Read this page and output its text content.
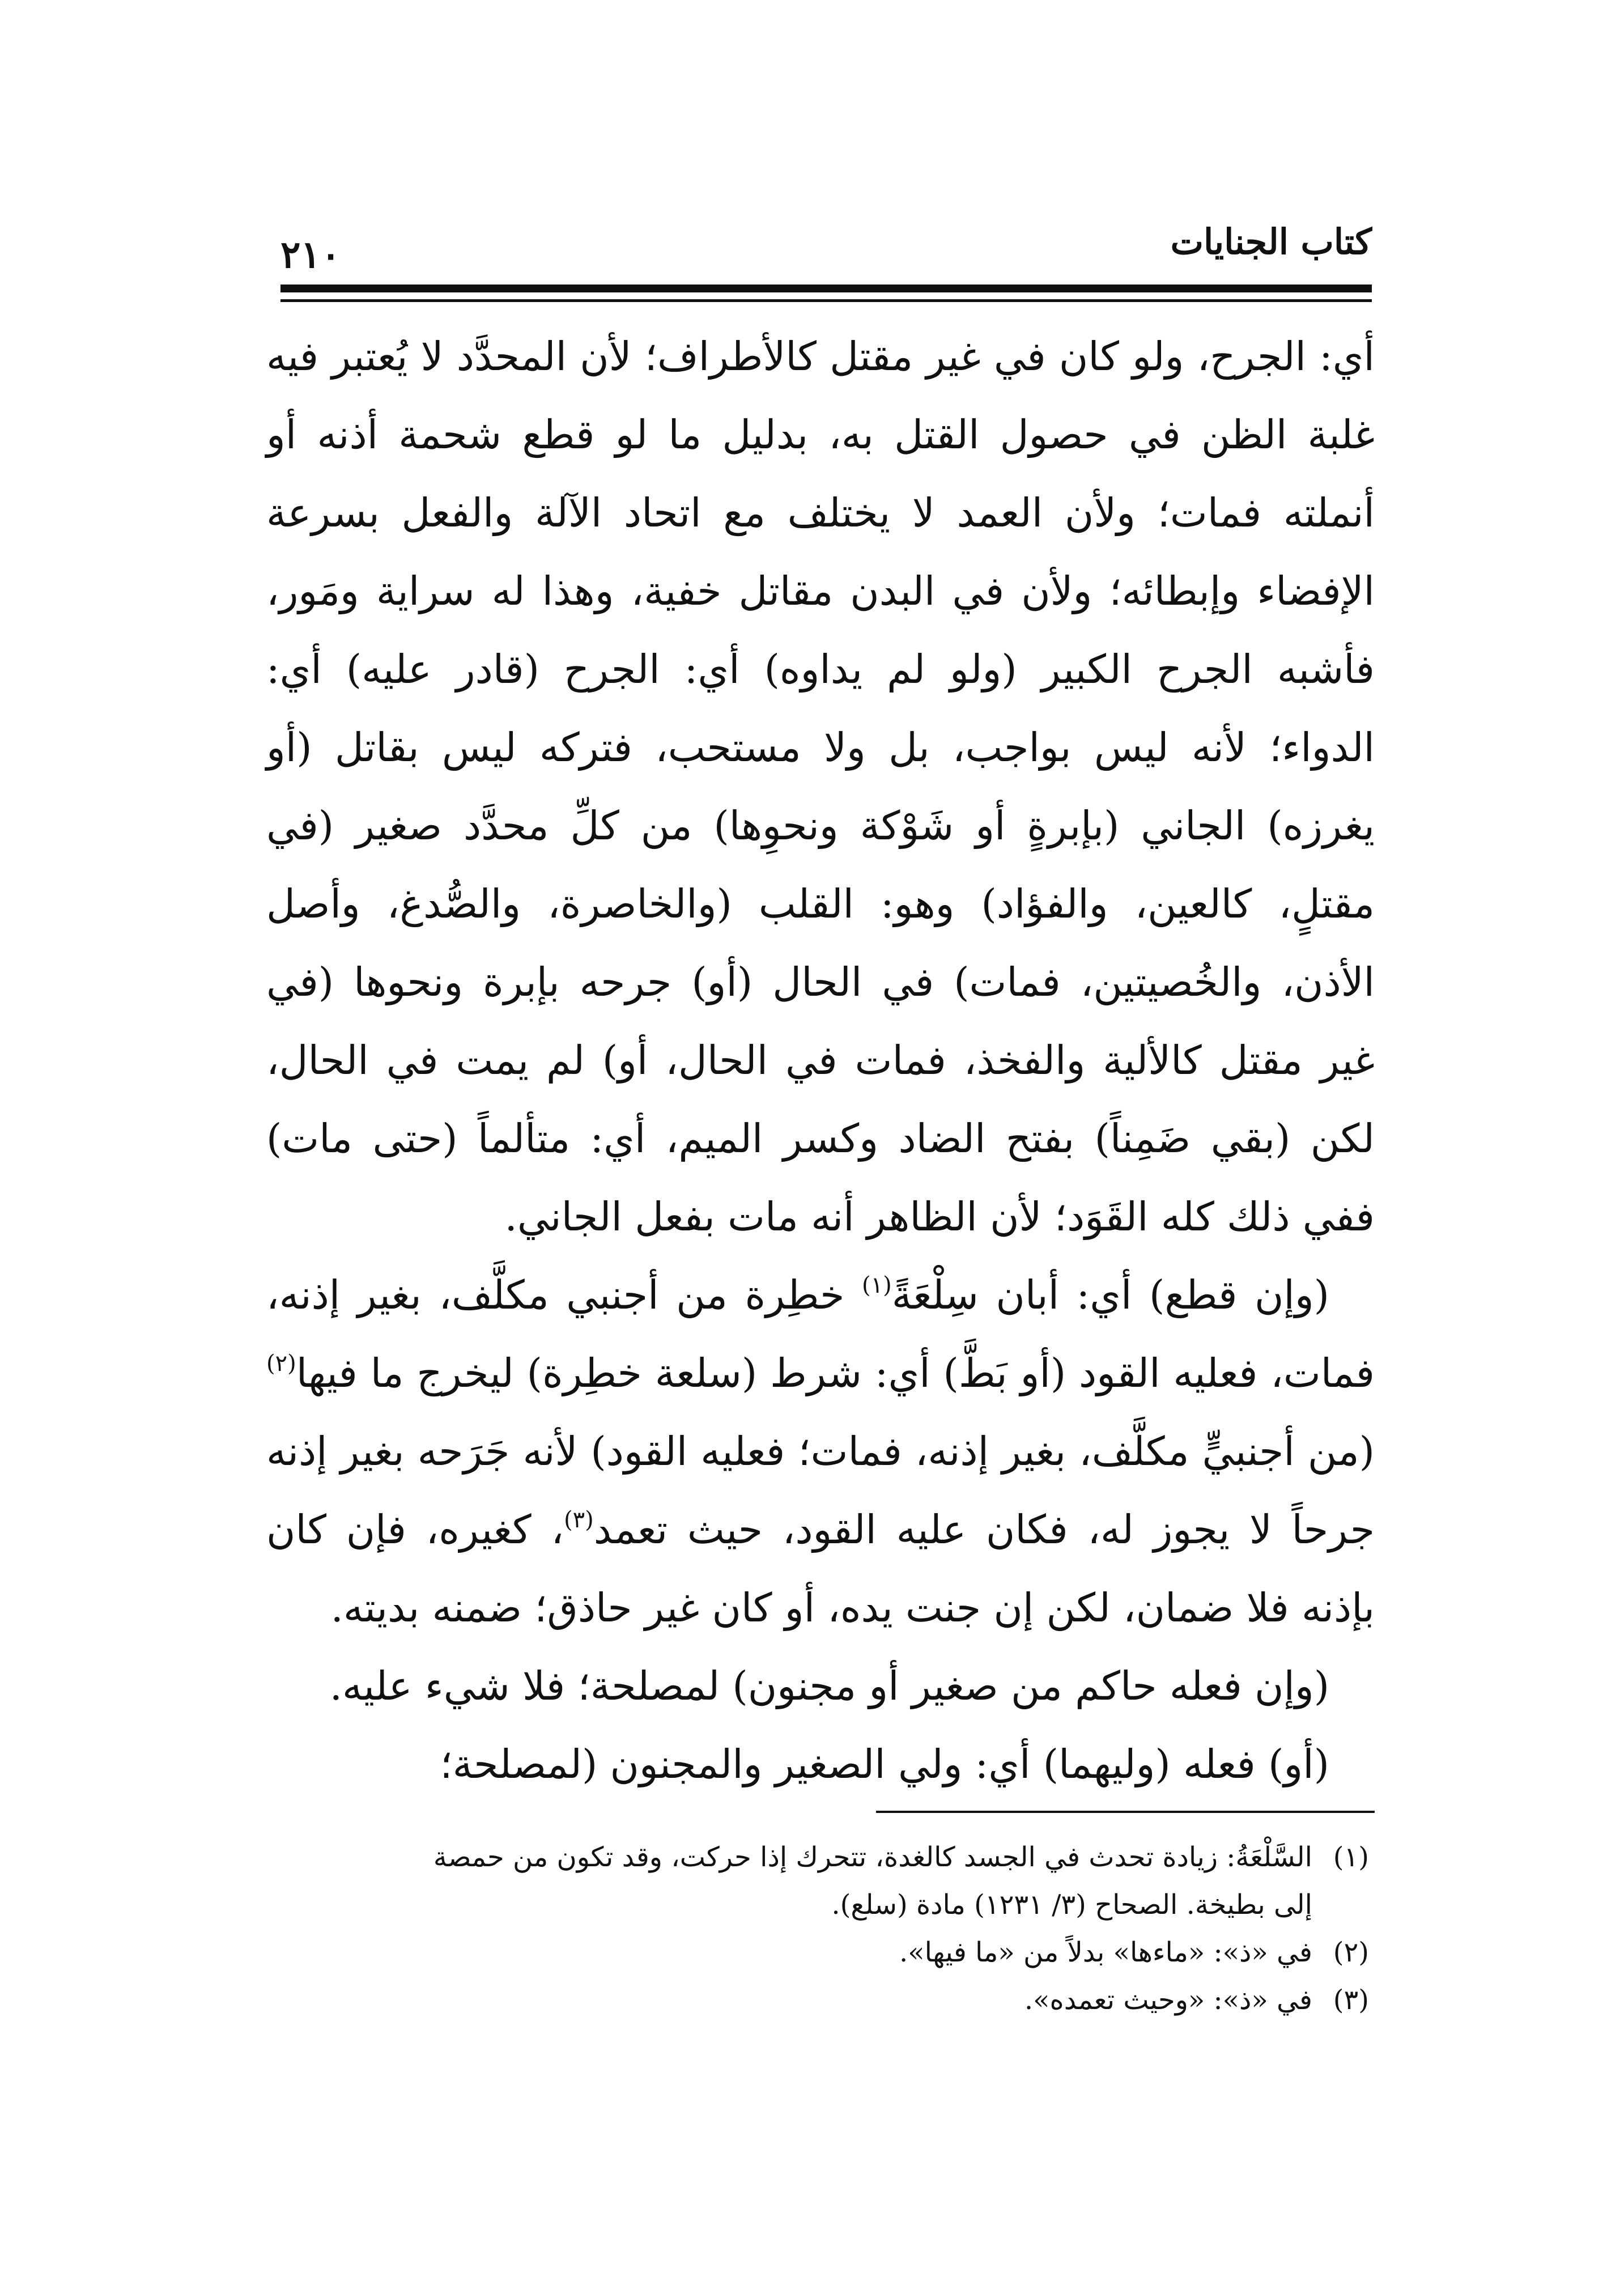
كتاب الجنايات
٢١٠

أي: الجرح، ولو كان في غير مقتل كالأطراف؛ لأن المحدَّد لا يُعتبر فيه غلبة الظن في حصول القتل به، بدليل ما لو قطع شحمة أذنه أو أنملته فمات؛ ولأن العمد لا يختلف مع اتحاد الآلة والفعل بسرعة الإفضاء وإبطائه؛ ولأن في البدن مقاتل خفية، وهذا له سراية ومَور، فأشبه الجرح الكبير (ولو لم يداوه) أي: الجرح (قادر عليه) أي: الدواء؛ لأنه ليس بواجب، بل ولا مستحب، فتركه ليس بقاتل (أو يغرزه) الجاني (بإبرةٍ أو شَوْكة ونحوِها) من كلِّ محدَّد صغير (في مقتلٍ، كالعين، والفؤاد) وهو: القلب (والخاصرة، والصُّدغ، وأصل الأذن، والخُصيتين، فمات) في الحال (أو) جرحه بإبرة ونحوها (في غير مقتل كالألية والفخذ، فمات في الحال، أو) لم يمت في الحال، لكن (بقي ضَمِناً) بفتح الضاد وكسر الميم، أي: متألماً (حتى مات) ففي ذلك كله القَوَد؛ لأن الظاهر أنه مات بفعل الجاني.

(وإن قطع) أي: أبان سِلْعَةً$^{(١)}$ خطِرة من أجنبي مكلَّف، بغير إذنه، فمات، فعليه القود (أو بَطَّ) أي: شرط (سلعة خطِرة) ليخرج ما فيها$^{(٢)}$ (من أجنبيٍّ مكلَّف، بغير إذنه، فمات؛ فعليه القود) لأنه جَرَحه بغير إذنه جرحاً لا يجوز له، فكان عليه القود، حيث تعمد$^{(٣)}$، كغيره، فإن كان بإذنه فلا ضمان، لكن إن جنت يده، أو كان غير حاذق؛ ضمنه بديته.

(وإن فعله حاكم من صغير أو مجنون) لمصلحة؛ فلا شيء عليه.

(أو) فعله (وليهما) أي: ولي الصغير والمجنون (لمصلحة؛

(١)السَّلْعَةُ: زيادة تحدث في الجسد كالغدة، تتحرك إذا حركت، وقد تكون من حمصة

إلى بطيخة. الصحاح (٣/ ١٢٣١) مادة (سلع).

(٢)في «ذ»: «ماءها» بدلاً من «ما فيها».

(٣)في «ذ»: «وحيث تعمده».
